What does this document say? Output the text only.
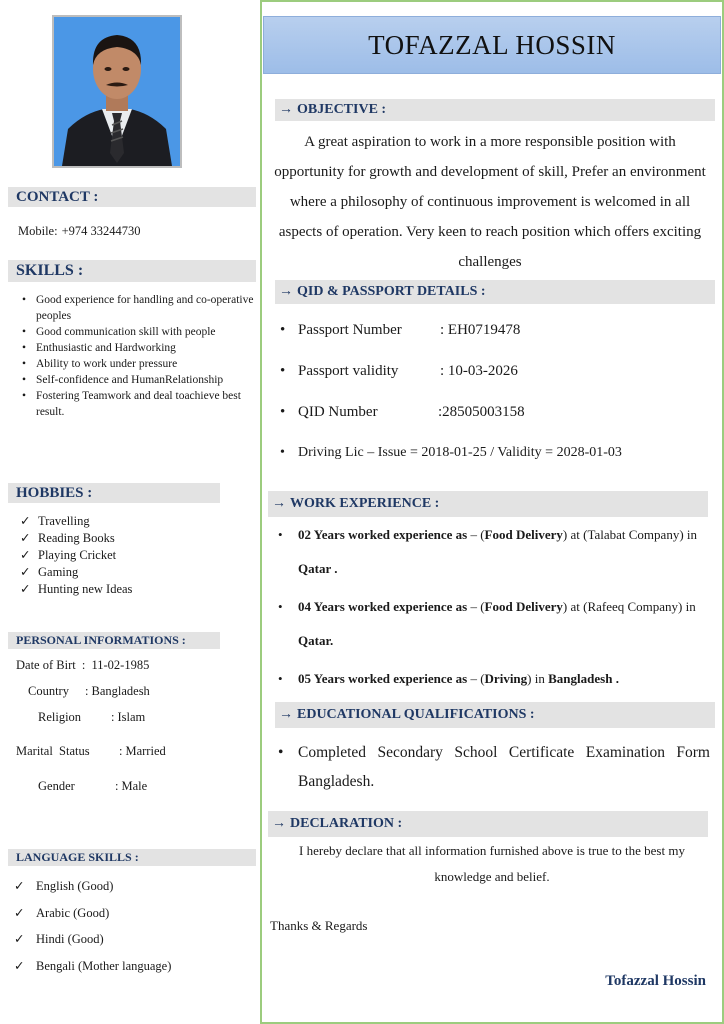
CONTACT :
Mobile: +974 33244730
SKILLS :
• Good experience for handling and co-operative peoples
• Good communication skill with people
• Enthusiastic and Hardworking
• Ability to work under pressure
• Self-confidence and HumanRelationship
• Fostering Teamwork and deal toachieve best result.
HOBBIES :
✓ Travelling
✓ Reading Books
✓ Playing Cricket
✓ Gaming
✓ Hunting new Ideas
PERSONAL INFORMATIONS :
Date of Birt : 11-02-1985
Country : Bangladesh
Religion : Islam
Marital  Status : Married
Gender	: Male
LANGUAGE SKILLS :
✓ English (Good)
✓ Arabic (Good)
✓ Hindi (Good)
✓ Bengali (Mother language)
TOFAZZAL HOSSIN
→ OBJECTIVE :
A great aspiration to work in a more responsible position with opportunity for growth and development of skill, Prefer an environment where a philosophy of continuous improvement is welcomed in all aspects of operation. Very keen to reach position which offers exciting challenges
→ QID & PASSPORT DETAILS :
• Passport Number	: EH0719478
• Passport validity	: 10-03-2026
• QID Number	:28505003158
• Driving Lic – Issue = 2018-01-25 / Validity = 2028-01-03
→ WORK EXPERIENCE :
• 02 Years worked experience as – (Food Delivery) at (Talabat Company) in Qatar .
• 04 Years worked experience as – (Food Delivery) at (Rafeeq Company) in Qatar.
• 05 Years worked experience as – (Driving) in Bangladesh .
→ EDUCATIONAL QUALIFICATIONS :
• Completed Secondary School Certificate Examination Form Bangladesh.
→ DECLARATION :
I hereby declare that all information furnished above is true to the best my knowledge and belief.
Thanks & Regards
Tofazzal Hossin
